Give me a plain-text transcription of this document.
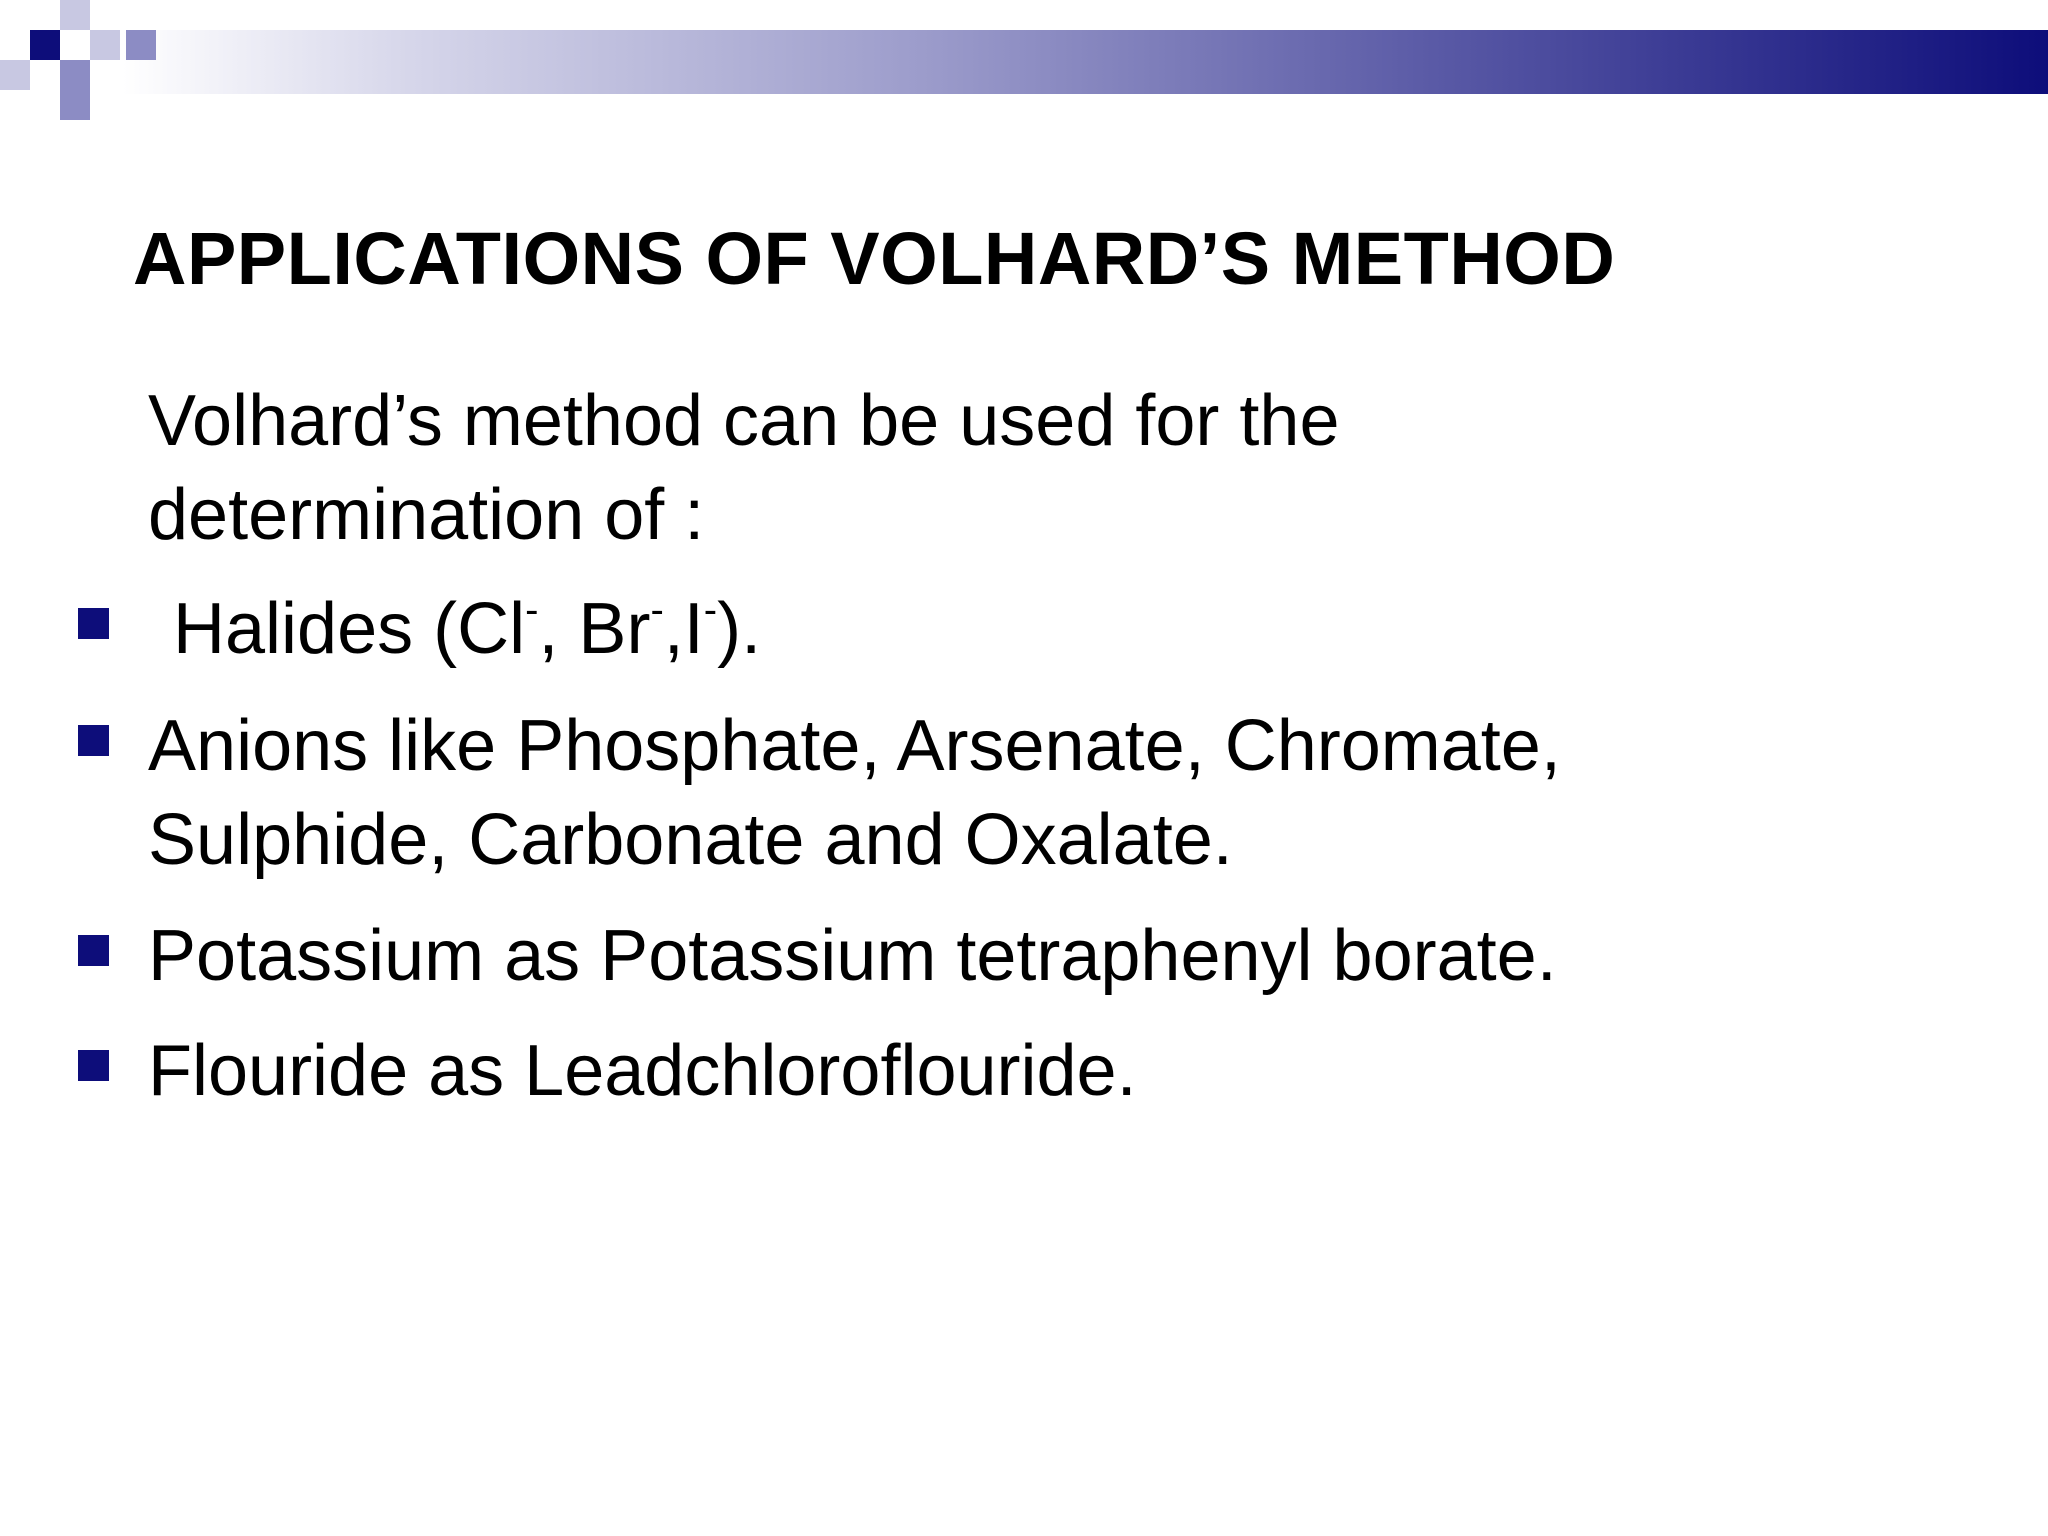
APPLICATIONS OF VOLHARD’S METHOD
Volhard’s method can be used for the
determination of :
Halides (Cl-, Br-,I-).
Anions like Phosphate, Arsenate, Chromate,
Sulphide, Carbonate and Oxalate.
Potassium as Potassium tetraphenyl borate.
Flouride as Leadchloroflouride.
